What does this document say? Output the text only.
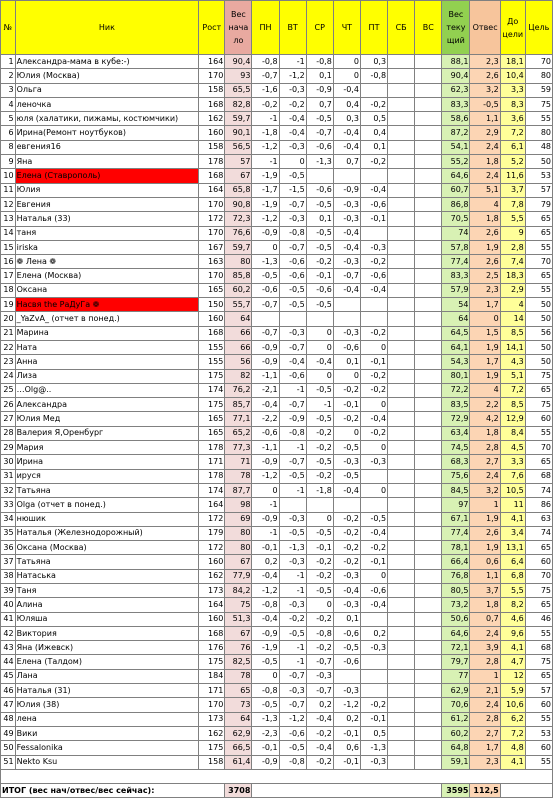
№	Ник	Рост	Вес нача ло	ПН	ВТ	СР	ЧТ	ПТ	СБ	ВС	Вес теку щий	Отвес	До цели	Цель
1	Александра-мама в кубе:-)	164	90,4	-0,8	-1	-0,8	0	0,3			88,1	2,3	18,1	70
2	Юлия (Москва)	170	93	-0,7	-1,2	0,1	0	-0,8			90,4	2,6	10,4	80
3	Ольга	158	65,5	-1,6	-0,3	-0,9	-0,4				62,3	3,2	3,3	59
4	леночка	168	82,8	-0,2	-0,2	0,7	0,4	-0,2			83,3	-0,5	8,3	75
5	юля (халатики, пижамы, костюмчики)	162	59,7	-1	-0,4	-0,5	0,3	0,5			58,6	1,1	3,6	55
6	Ирина(Ремонт ноутбуков)	160	90,1	-1,8	-0,4	-0,7	-0,4	0,4			87,2	2,9	7,2	80
8	евгения16	158	56,5	-1,2	-0,3	-0,6	-0,4	0,1			54,1	2,4	6,1	48
9	Яна	178	57	-1	0	-1,3	0,7	-0,2			55,2	1,8	5,2	50
10	Елена (Ставрополь)	168	67	-1,9	-0,5						64,6	2,4	11,6	53
11	Юлия	164	65,8	-1,7	-1,5	-0,6	-0,9	-0,4			60,7	5,1	3,7	57
12	Евгения	170	90,8	-1,9	-0,7	-0,5	-0,3	-0,6			86,8	4	7,8	79
13	Наталья (33)	172	72,3	-1,2	-0,3	0,1	-0,3	-0,1			70,5	1,8	5,5	65
14	таня	170	76,6	-0,9	-0,8	-0,5	-0,4				74	2,6	9	65
15	iriska	167	59,7	0	-0,7	-0,5	-0,4	-0,3			57,8	1,9	2,8	55
16	❁ Лена ❁	163	80	-1,3	-0,6	-0,2	-0,3	-0,2			77,4	2,6	7,4	70
17	Елена (Москва)	170	85,8	-0,5	-0,6	-0,1	-0,7	-0,6			83,3	2,5	18,3	65
18	Оксана	165	60,2	-0,6	-0,5	-0,6	-0,4	-0,4			57,9	2,3	2,9	55
19	Насвя the РаДуГа ❁	150	55,7	-0,7	-0,5	-0,5					54	1,7	4	50
20	_YaZvA_ (отчет в понед.)	160	64								64	0	14	50
21	Марина	168	66	-0,7	-0,3	0	-0,3	-0,2			64,5	1,5	8,5	56
22	Ната	155	66	-0,9	-0,7	0	-0,6	0			64,1	1,9	14,1	50
23	Анна	155	56	-0,9	-0,4	-0,4	0,1	-0,1			54,3	1,7	4,3	50
24	Лиза	175	82	-1,1	-0,6	0	0	-0,2			80,1	1,9	5,1	75
25	…Olg@..	174	76,2	-2,1	-1	-0,5	-0,2	-0,2			72,2	4	7,2	65
26	Александра	175	85,7	-0,4	-0,7	-1	-0,1	0			83,5	2,2	8,5	75
27	Юлия Мед	165	77,1	-2,2	-0,9	-0,5	-0,2	-0,4			72,9	4,2	12,9	60
28	Валерия Я,Оренбург	165	65,2	-0,6	-0,8	-0,2	0	-0,2			63,4	1,8	8,4	55
29	Мария	178	77,3	-1,1	-1	-0,2	-0,5	0			74,5	2,8	4,5	70
30	Ирина	171	71	-0,9	-0,7	-0,5	-0,3	-0,3			68,3	2,7	3,3	65
31	ируся	178	78	-1,2	-0,5	-0,2	-0,5				75,6	2,4	7,6	68
32	Татьяна	174	87,7	0	-1	-1,8	-0,4	0			84,5	3,2	10,5	74
33	Olga (отчет в понед.)	164	98	-1							97	1	11	86
34	нюшик	172	69	-0,9	-0,3	0	-0,2	-0,5			67,1	1,9	4,1	63
35	Наталья (Железнодорожный)	179	80	-1	-0,5	-0,5	-0,2	-0,4			77,4	2,6	3,4	74
36	Оксана (Москва)	172	80	-0,1	-1,3	-0,1	-0,2	-0,2			78,1	1,9	13,1	65
37	Татьяна	160	67	0,2	-0,3	-0,2	-0,2	-0,1			66,4	0,6	6,4	60
38	Натаська	162	77,9	-0,4	-1	-0,2	-0,3	0			76,8	1,1	6,8	70
39	Таня	173	84,2	-1,2	-1	-0,5	-0,4	-0,6			80,5	3,7	5,5	75
40	Алина	164	75	-0,8	-0,3	0	-0,3	-0,4			73,2	1,8	8,2	65
41	Юляша	160	51,3	-0,4	-0,2	-0,2	0,1				50,6	0,7	4,6	46
42	Виктория	168	67	-0,9	-0,5	-0,8	-0,6	0,2			64,6	2,4	9,6	55
43	Яна (Ижевск)	176	76	-1,9	-1	-0,2	-0,5	-0,3			72,1	3,9	4,1	68
44	Елена (Талдом)	175	82,5	-0,5	-1	-0,7	-0,6				79,7	2,8	4,7	75
45	Лана	184	78	0	-0,7	-0,3					77	1	12	65
46	Наталья (31)	171	65	-0,8	-0,3	-0,7	-0,3				62,9	2,1	5,9	57
47	Юлия (38)	170	73	-0,5	-0,7	0,2	-1,2	-0,2			70,6	2,4	10,6	60
48	лена	173	64	-1,3	-1,2	-0,4	0,2	-0,1			61,2	2,8	6,2	55
49	Вики	162	62,9	-2,3	-0,6	-0,2	-0,1	0,5			60,2	2,7	7,2	53
50	Fessalonika	175	66,5	-0,1	-0,5	-0,4	0,6	-1,3			64,8	1,7	4,8	60
51	Nekto Ksu	158	61,4	-0,9	-0,8	-0,2	-0,1	-0,3			59,1	2,3	4,1	55

ИТОГ (вес нач/отвес/вес сейчас):			3708								3595	112,5		
